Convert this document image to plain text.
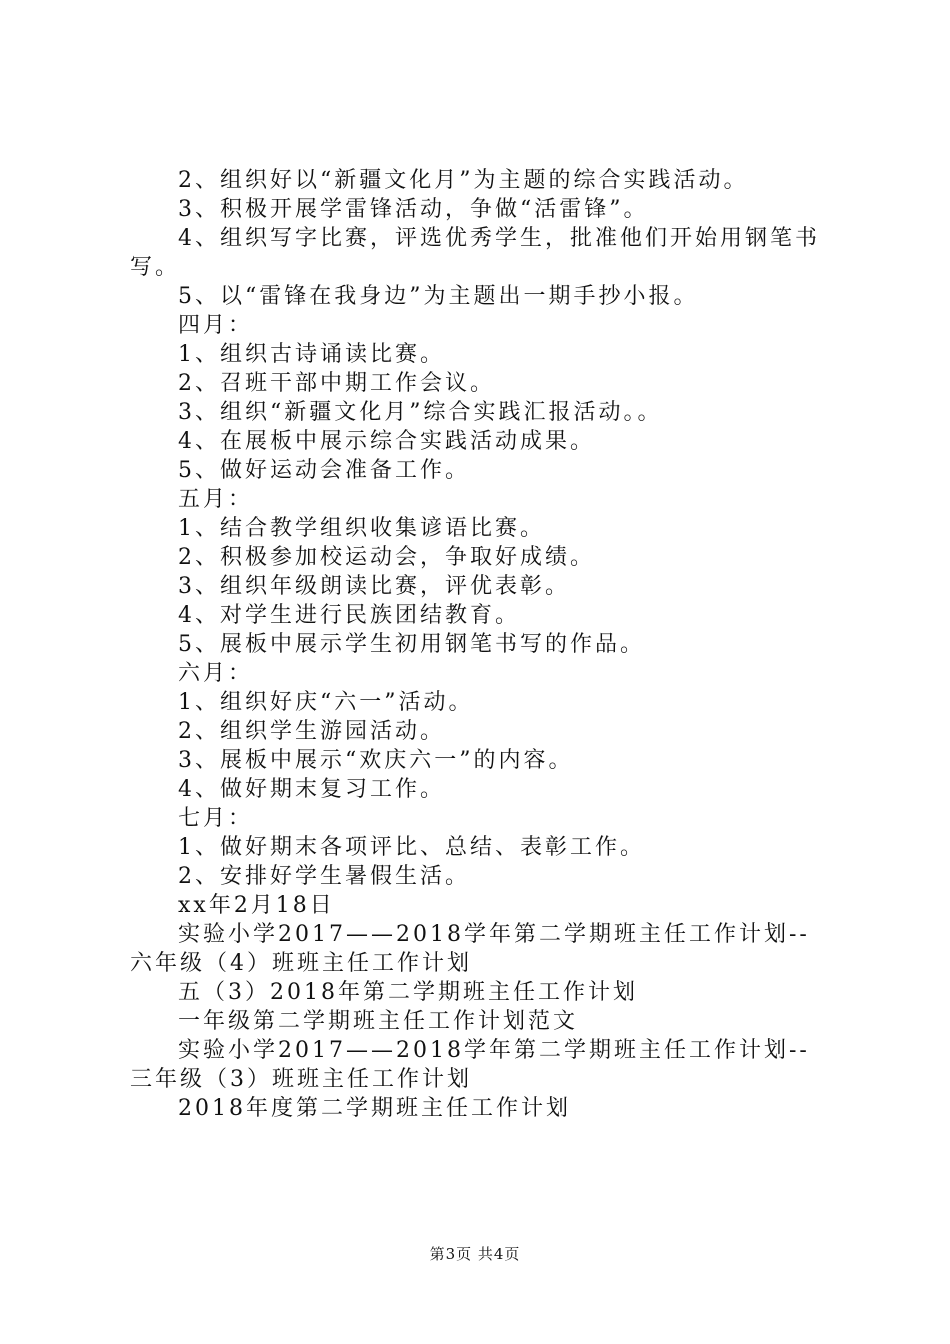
2、组织好以“新疆文化月”为主题的综合实践活动。

3、积极开展学雷锋活动，争做“活雷锋”。

4、组织写字比赛，评选优秀学生，批准他们开始用钢笔书写。

5、以“雷锋在我身边”为主题出一期手抄小报。

四月：

1、组织古诗诵读比赛。

2、召班干部中期工作会议。

3、组织“新疆文化月”综合实践汇报活动。。

4、在展板中展示综合实践活动成果。

5、做好运动会准备工作。

五月：

1、结合教学组织收集谚语比赛。

2、积极参加校运动会，争取好成绩。

3、组织年级朗读比赛，评优表彰。

4、对学生进行民族团结教育。

5、展板中展示学生初用钢笔书写的作品。

六月：

1、组织好庆“六一”活动。

2、组织学生游园活动。

3、展板中展示“欢庆六一”的内容。

4、做好期末复习工作。

七月：

1、做好期末各项评比、总结、表彰工作。

2、安排好学生暑假生活。

xx年2月18日

实验小学2017——2018学年第二学期班主任工作计划--六年级（4）班班主任工作计划

五（3）2018年第二学期班主任工作计划

一年级第二学期班主任工作计划范文

实验小学2017——2018学年第二学期班主任工作计划--三年级（3）班班主任工作计划

2018年度第二学期班主任工作计划

第3页 共4页
